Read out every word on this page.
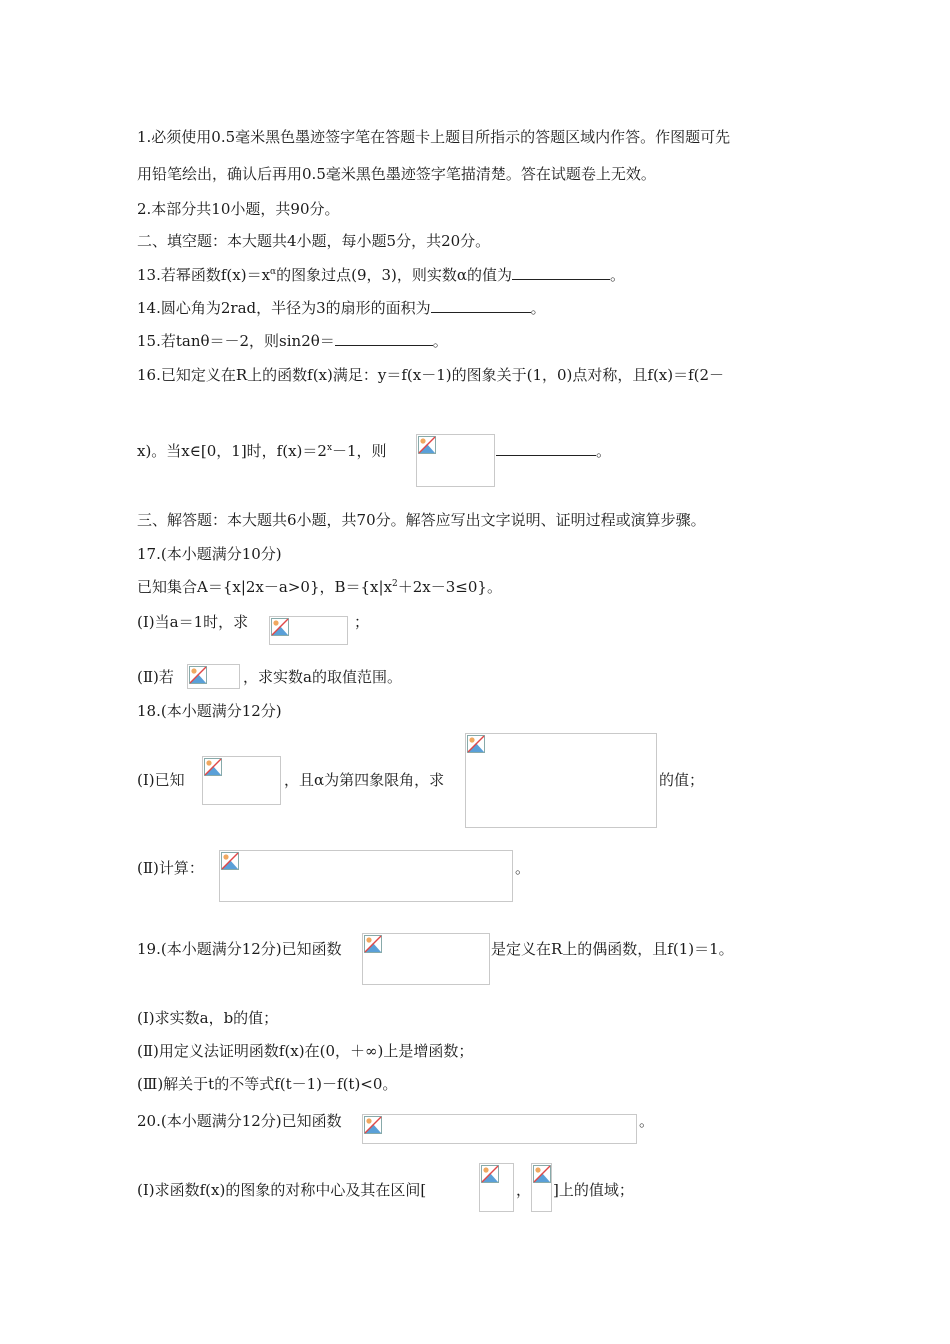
1.必须使用0.5毫米黑色墨迹签字笔在答题卡上题目所指示的答题区域内作答。作图题可先
用铅笔绘出，确认后再用0.5毫米黑色墨迹签字笔描清楚。答在试题卷上无效。
2.本部分共10小题，共90分。
二、填空题：本大题共4小题，每小题5分，共20分。
13.若幂函数$f(x)=x^\alpha$的图象过点(9，3)，则实数α的值为	。
14.圆心角为2rad，半径为3的扇形的面积为	。
15.若tanθ＝－2，则sin2θ＝	。
16.已知定义在R上的函数f(x)满足：y＝f(x－1)的图象关于(1，0)点对称，且f(x)＝f(2－
x)。当x∈[0，1]时，$f(x)=2^x-1$，则	。
三、解答题：本大题共6小题，共70分。解答应写出文字说明、证明过程或演算步骤。
17.(本小题满分10分)
已知集合A＝{x|2x－a>0}，$B=\{x|x^2+2x-3\le 0\}$。
(Ⅰ)当a＝1时，求	；
(Ⅱ)若	，求实数a的取值范围。
18.(本小题满分12分)
(Ⅰ)已知	，且α为第四象限角，求	的值；
(Ⅱ)计算：	。
19.(本小题满分12分)已知函数	是定义在R上的偶函数，且f(1)＝1。
(Ⅰ)求实数a，b的值；
(Ⅱ)用定义法证明函数f(x)在(0，＋∞)上是增函数；
(Ⅲ)解关于t的不等式f(t－1)－f(t)<0。
20.(本小题满分12分)已知函数	。
(Ⅰ)求函数f(x)的图象的对称中心及其在区间[	， ]上的值域；
